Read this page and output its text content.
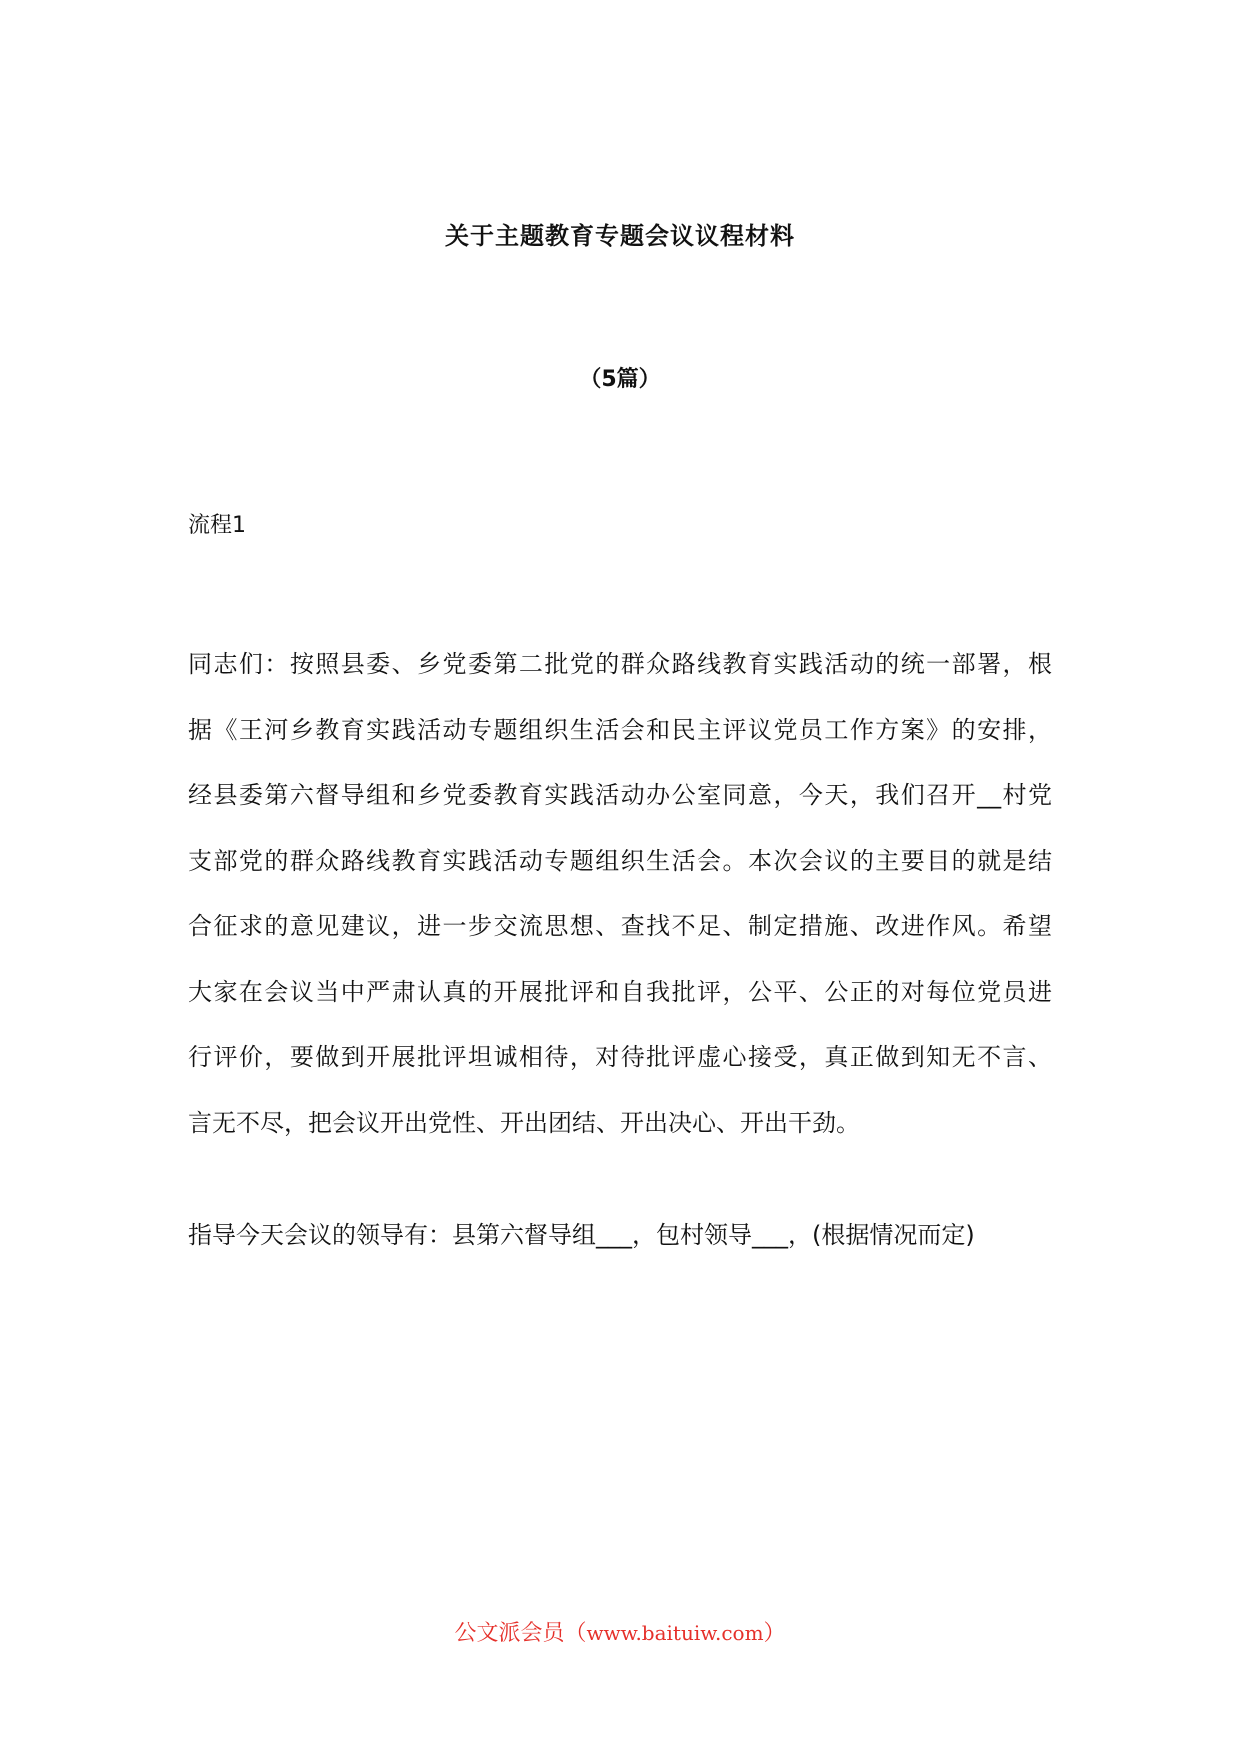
关于主题教育专题会议议程材料
（5篇）
流程1

同志们：按照县委、乡党委第二批党的群众路线教育实践活动的统一部署，根
据《王河乡教育实践活动专题组织生活会和民主评议党员工作方案》的安排，
经县委第六督导组和乡党委教育实践活动办公室同意，今天，我们召开__村党
支部党的群众路线教育实践活动专题组织生活会。本次会议的主要目的就是结
合征求的意见建议，进一步交流思想、查找不足、制定措施、改进作风。希望
大家在会议当中严肃认真的开展批评和自我批评，公平、公正的对每位党员进
行评价，要做到开展批评坦诚相待，对待批评虚心接受，真正做到知无不言、
言无不尽，把会议开出党性、开出团结、开出决心、开出干劲。

指导今天会议的领导有：县第六督导组___，包村领导___，(根据情况而定)
公文派会员（www.baituiw.com）
